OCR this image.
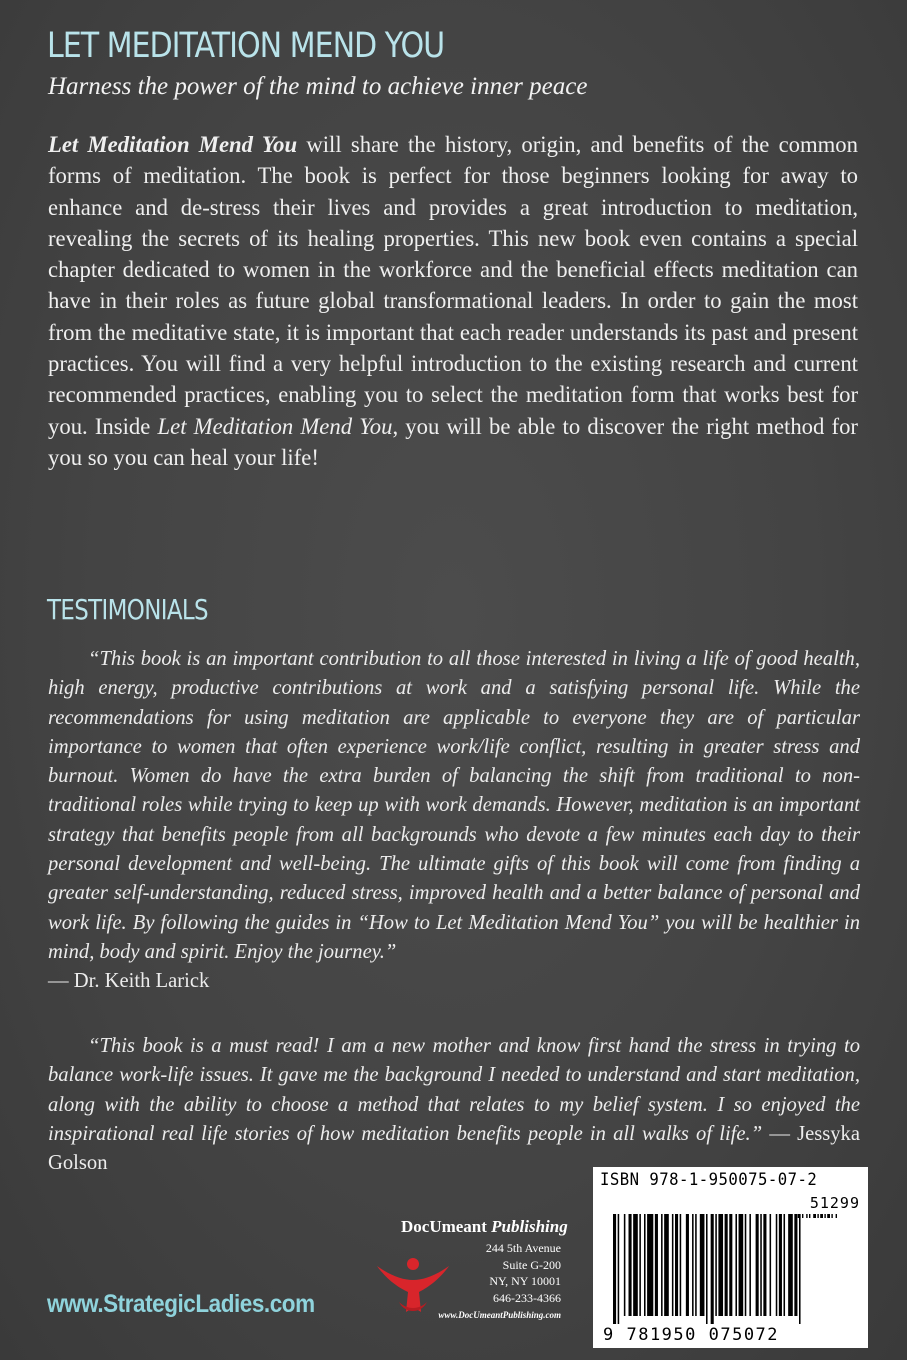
LET MEDITATION MEND YOU
Harness the power of the mind to achieve inner peace
Let Meditation Mend You will share the history, origin, and benefits of the common forms of meditation. The book is perfect for those beginners looking for away to enhance and de-stress their lives and provides a great introduction to meditation, revealing the secrets of its healing properties. This new book even contains a special chapter dedicated to women in the workforce and the beneficial effects meditation can have in their roles as future global transformational leaders. In order to gain the most from the meditative state, it is important that each reader understands its past and present practices. You will find a very helpful introduction to the existing research and current recommended practices, enabling you to select the meditation form that works best for you. Inside Let Meditation Mend You, you will be able to discover the right method for you so you can heal your life!
TESTIMONIALS
“This book is an important contribution to all those interested in living a life of good health, high energy, productive contributions at work and a satisfying personal life. While the recommendations for using meditation are applicable to everyone they are of particular importance to women that often experience work/life conflict, resulting in greater stress and burnout. Women do have the extra burden of balancing the shift from traditional to non-traditional roles while trying to keep up with work demands. However, meditation is an important strategy that benefits people from all backgrounds who devote a few minutes each day to their personal development and well-being. The ultimate gifts of this book will come from finding a greater self-understanding, reduced stress, improved health and a better balance of personal and work life. By following the guides in “How to Let Meditation Mend You” you will be healthier in mind, body and spirit. Enjoy the journey.”
— Dr. Keith Larick
“This book is a must read! I am a new mother and know first hand the stress in trying to balance work-life issues. It gave me the background I needed to understand and start meditation, along with the ability to choose a method that relates to my belief system. I so enjoyed the inspirational real life stories of how meditation benefits people in all walks of life.” — Jessyka Golson
www.StrategicLadies.com
DocUmeant Publishing
244 5th Avenue
Suite G-200
NY, NY 10001
646-233-4366
www.DocUmeantPublishing.com
ISBN 978-1-950075-07-2
9 781950 075072
51299
